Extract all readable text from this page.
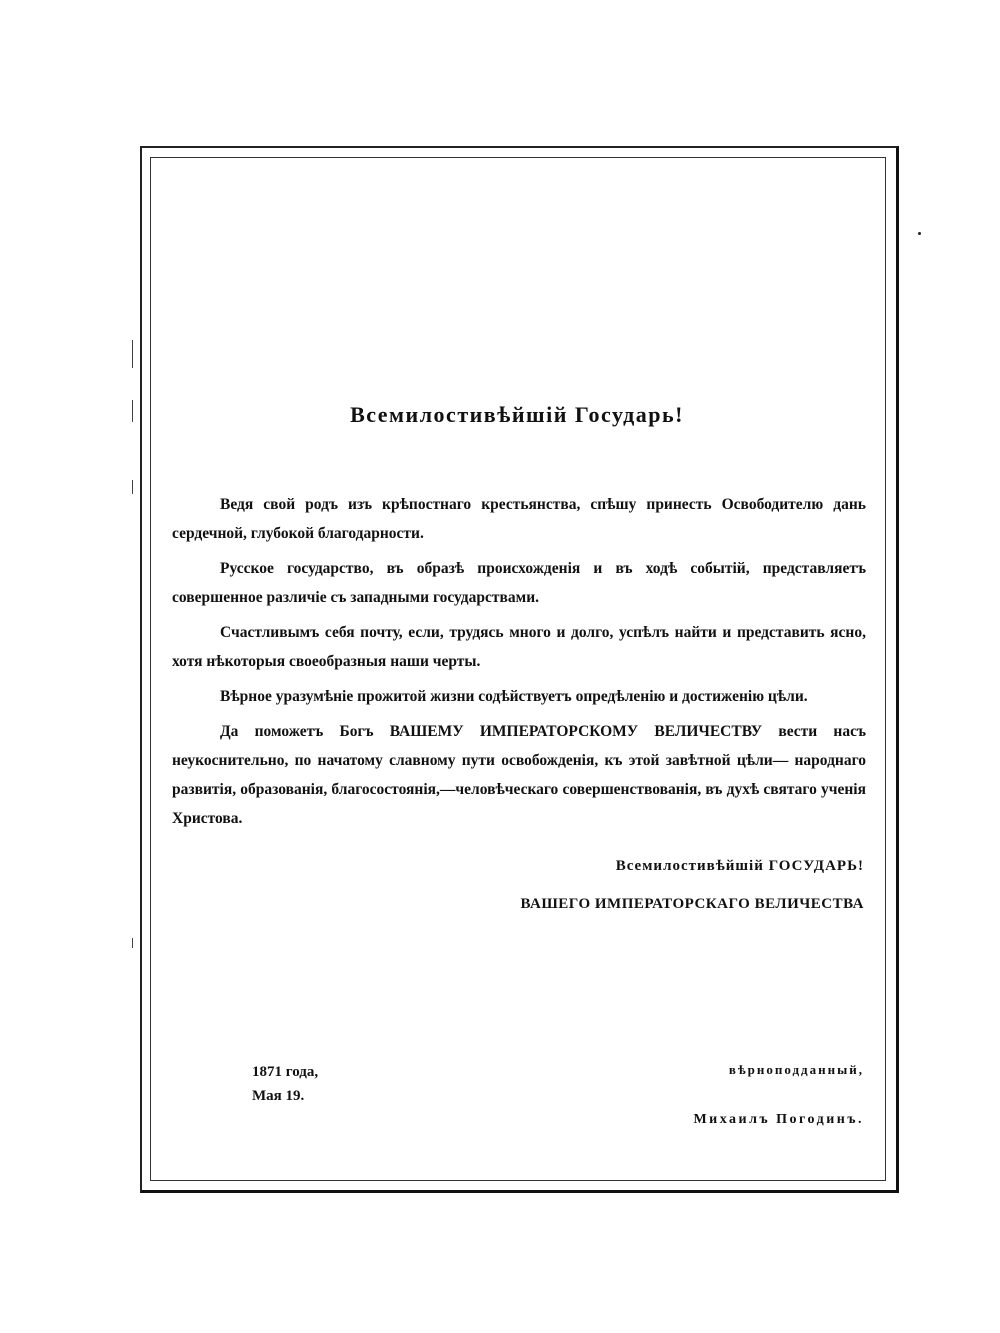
Всемилостивѣйшій Государь!

Ведя свой родъ изъ крѣпостнаго крестьянства, спѣшу принесть Освободителю дань сердечной, глубокой благодарности.

Русское государство, въ образѣ происхожденія и въ ходѣ событій, представляетъ совершенное различіе съ западными государствами.

Счастливымъ себя почту, если, трудясь много и долго, успѣлъ найти и представить ясно, хотя нѣкоторыя своеобразныя наши черты.

Вѣрное уразумѣніе прожитой жизни содѣйствуетъ опредѣленію и достиженію цѣли.

Да поможетъ Богъ ВАШЕМУ ИМПЕРАТОРСКОМУ ВЕЛИЧЕСТВУ вести насъ неукоснительно, по начатому славному пути освобожденія, къ этой завѣтной цѣли— народнаго развитія, образованія, благосостоянія,—человѣческаго совершенствованія, въ духѣ святаго ученія Христова.

Всемилостивѣйшій ГОСУДАРЬ!
ВАШЕГО ИМПЕРАТОРСКАГО ВЕЛИЧЕСТВА
1871 года,
Мая 19.
вѣрноподданный,
Михаилъ Погодинъ.
